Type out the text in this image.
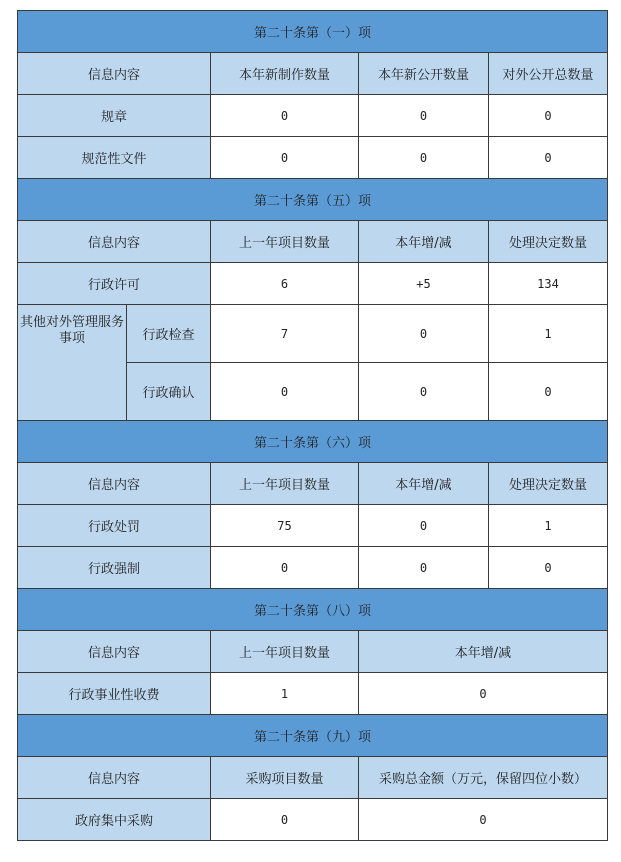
第二十条第（一）项				
信息内容		本年新制作数量	本年新公开数量	对外公开总数量
规章		0	0	0
规范性文件		0	0	0
第二十条第（五）项				
信息内容		上一年项目数量	本年增/减	处理决定数量
行政许可		6	+5	134
其他对外管理服务事项	行政检查	7	0	1
	行政确认	0	0	0
第二十条第（六）项				
信息内容		上一年项目数量	本年增/减	处理决定数量
行政处罚		75	0	1
行政强制		0	0	0
第二十条第（八）项				
信息内容		上一年项目数量	本年增/减	
行政事业性收费		1	0	
第二十条第（九）项				
信息内容		采购项目数量	采购总金额（万元，保留四位小数）	
政府集中采购		0	0	
